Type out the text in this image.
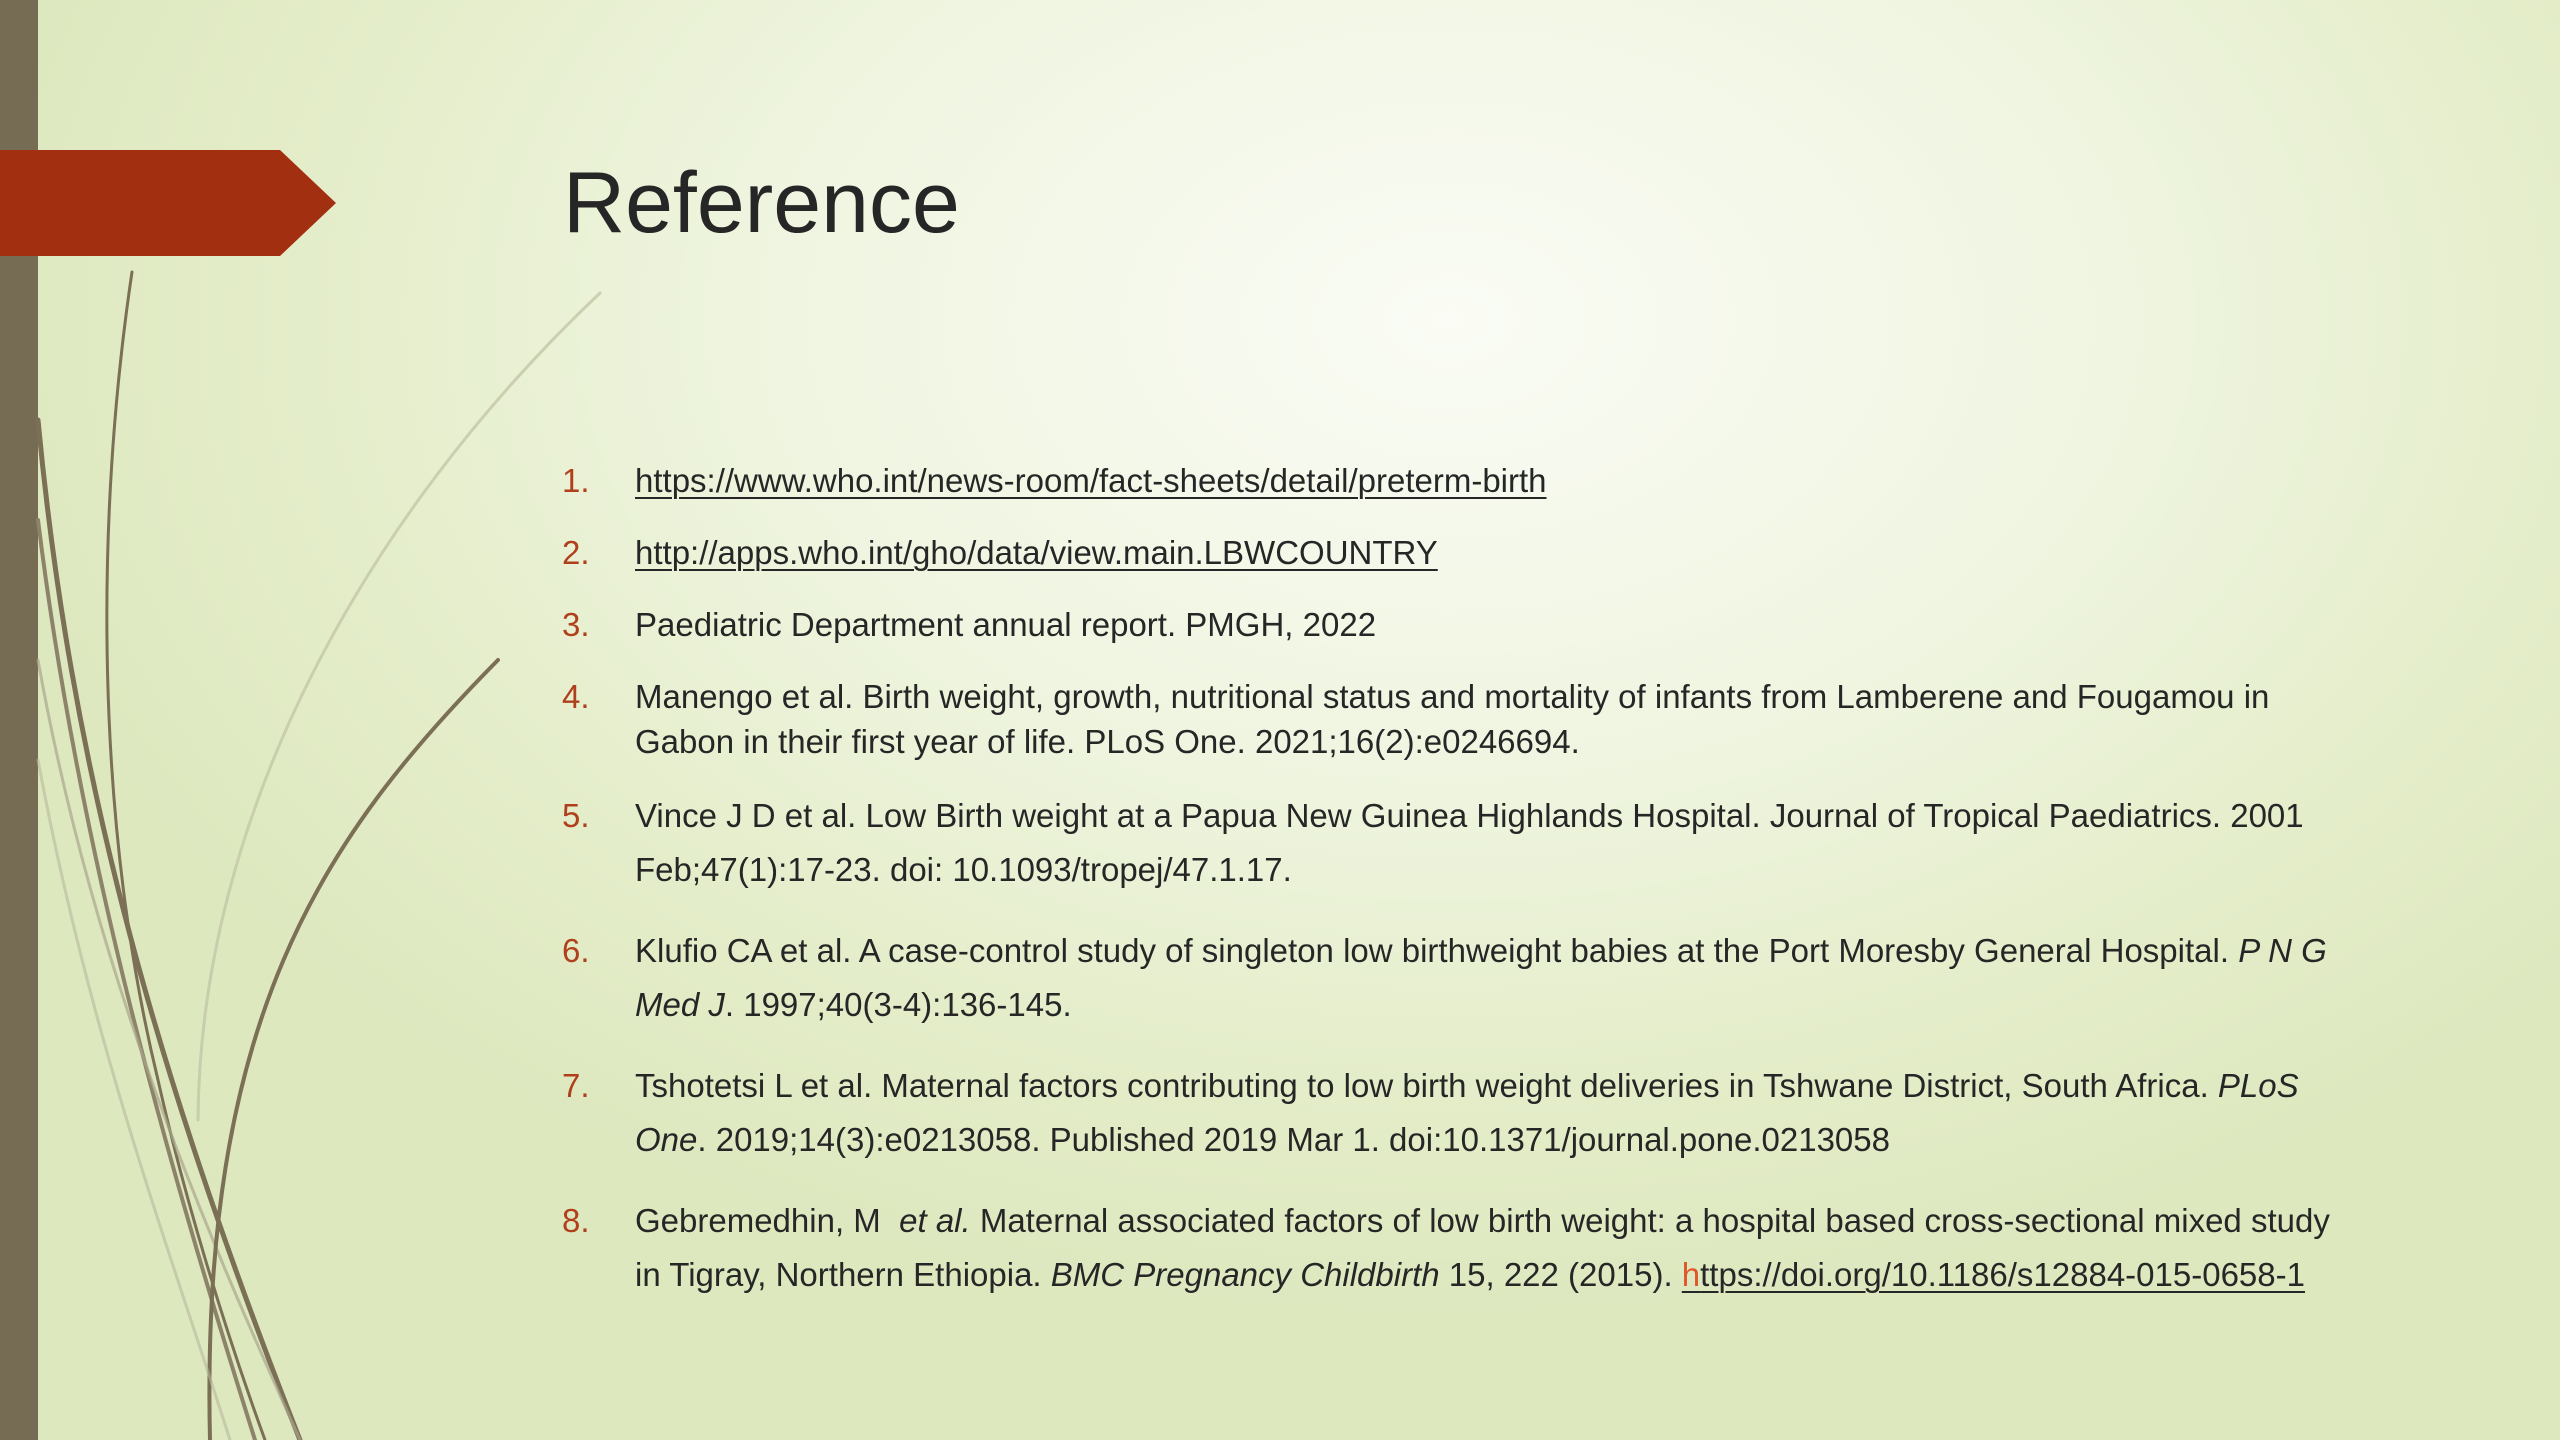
Reference
1. https://www.who.int/news-room/fact-sheets/detail/preterm-birth
2. http://apps.who.int/gho/data/view.main.LBWCOUNTRY
3. Paediatric Department annual report. PMGH, 2022
4. Manengo et al. Birth weight, growth, nutritional status and mortality of infants from Lamberene and Fougamou in
Gabon in their first year of life. PLoS One. 2021;16(2):e0246694.
5. Vince J D et al. Low Birth weight at a Papua New Guinea Highlands Hospital. Journal of Tropical Paediatrics. 2001
Feb;47(1):17-23. doi: 10.1093/tropej/47.1.17.
6. Klufio CA et al. A case-control study of singleton low birthweight babies at the Port Moresby General Hospital. P N G
Med J. 1997;40(3-4):136-145.
7. Tshotetsi L et al. Maternal factors contributing to low birth weight deliveries in Tshwane District, South Africa. PLoS
One. 2019;14(3):e0213058. Published 2019 Mar 1. doi:10.1371/journal.pone.0213058
8. Gebremedhin, M  et al. Maternal associated factors of low birth weight: a hospital based cross-sectional mixed study
in Tigray, Northern Ethiopia. BMC Pregnancy Childbirth 15, 222 (2015). https://doi.org/10.1186/s12884-015-0658-1
